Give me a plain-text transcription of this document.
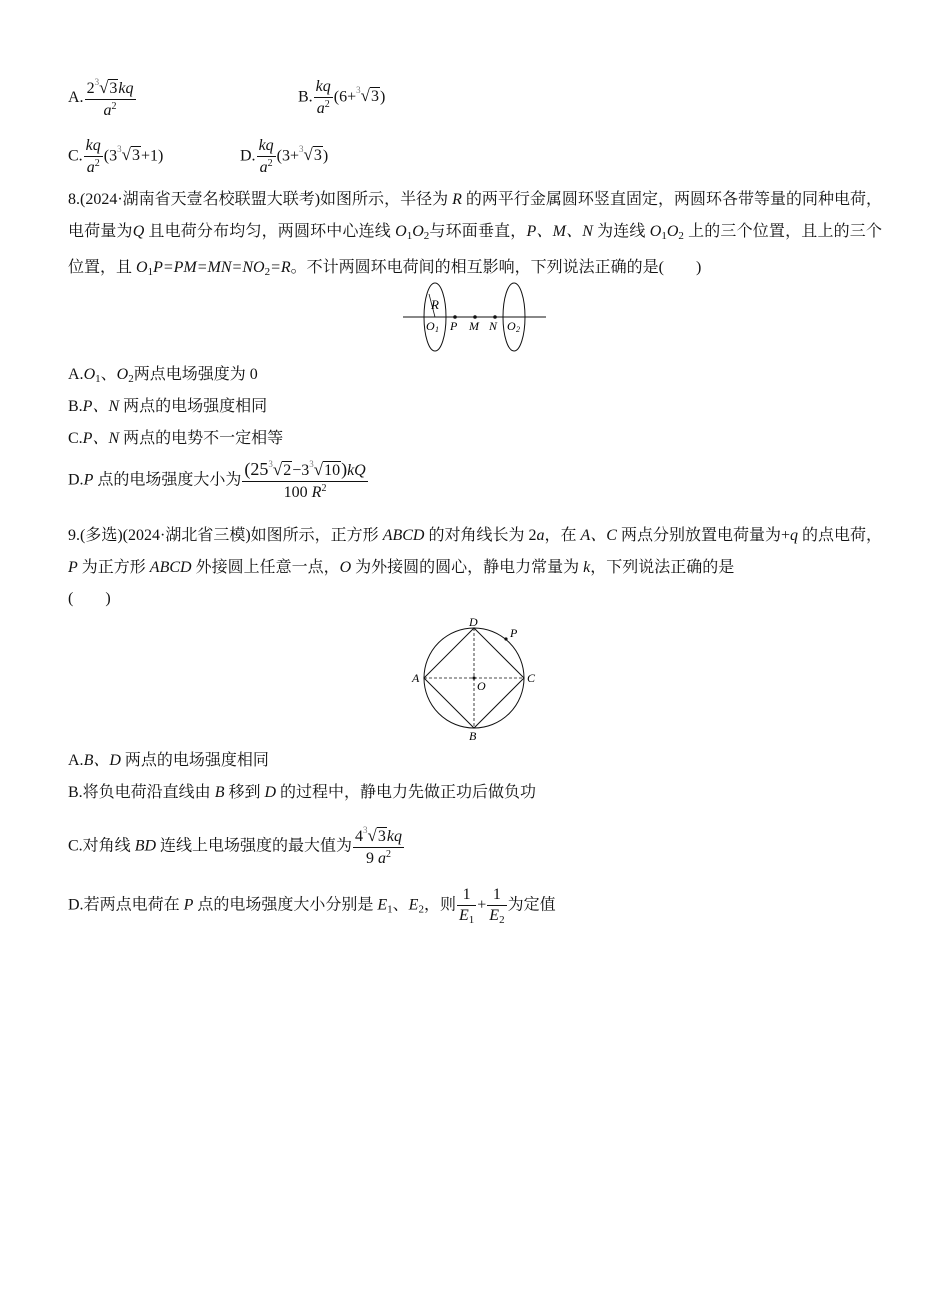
A. $\frac{2^3√3kq}{a^2}$	B. $\frac{kq}{a^2} (6+^3√3)$
C. $\frac{kq}{a^2} (3^3√3+1)$	D. $\frac{kq}{a^2} (3+^3√3)$
8.(2024·湖南省天壹名校联盟大联考)如图所示，半径为 R 的两平行金属圆环竖直固定，两圆环各带等量的同种电荷，电荷量为Q 且电荷分布均匀，两圆环中心连线 $O_1O_2$与环面垂直，P、M、N 为连线 $O_1O_2$ 上的三个位置，且上的三个位置，且 $O_1P=PM=MN=NO_2=R$。不计两圆环电荷间的相互影响，下列说法正确的是(　　)
R
O 1 P M N O 2
$A.O_1$、$O_2$两点电场强度为 0
B.P、N 两点的电场强度相同
C.P、N 两点的电势不一定相等
D.P 点的电场强度大小为 $\frac{(25^3√2-3^3√10)kQ}{100 R^2}$
9.(多选)(2024·湖北省三模)如图所示，正方形 ABCD 的对角线长为 2a，在 A、C 两点分别放置电荷量为+q 的点电荷，P 为正方形 ABCD 外接圆上任意一点，O 为外接圆的圆心，静电力常量为 k，下列说法正确的是
(　　)
A
B
C
D
O
P
A.B、D 两点的电场强度相同
B.将负电荷沿直线由 B 移到 D 的过程中，静电力先做正功后做负功
C.对角线 BD 连线上电场强度的最大值为 $\frac{4^3√3kq}{9 a^2}$
D.若两点电荷在 P 点的电场强度大小分别是 $E_1$、$E_2$，则 $\frac{1}{E_1} + \frac{1}{E_2}$ 为定值
